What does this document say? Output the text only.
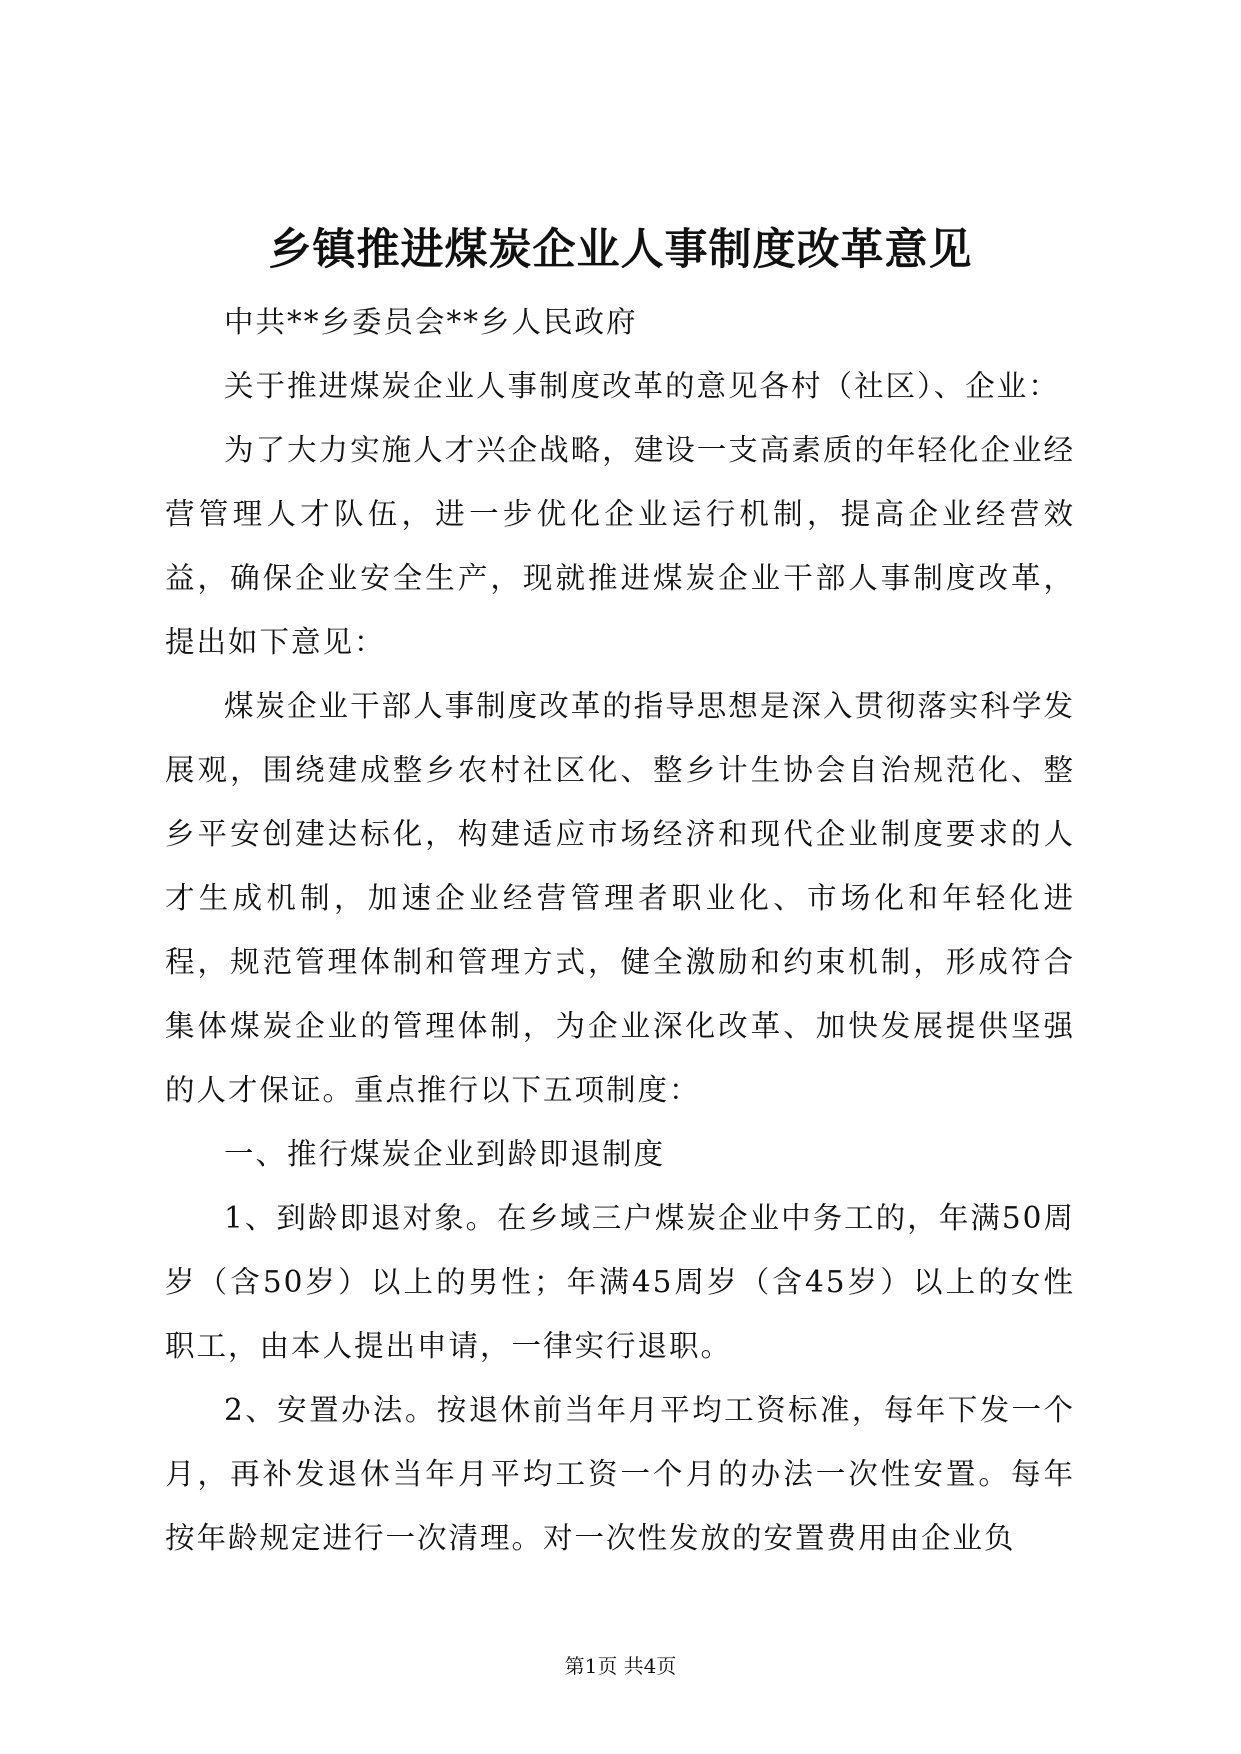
乡镇推进煤炭企业人事制度改革意见

中共**乡委员会**乡人民政府

关于推进煤炭企业人事制度改革的意见各村（社区）、企业：

为了大力实施人才兴企战略，建设一支高素质的年轻化企业经营管理人才队伍，进一步优化企业运行机制，提高企业经营效益，确保企业安全生产，现就推进煤炭企业干部人事制度改革，提出如下意见：

煤炭企业干部人事制度改革的指导思想是深入贯彻落实科学发展观，围绕建成整乡农村社区化、整乡计生协会自治规范化、整乡平安创建达标化，构建适应市场经济和现代企业制度要求的人才生成机制，加速企业经营管理者职业化、市场化和年轻化进程，规范管理体制和管理方式，健全激励和约束机制，形成符合集体煤炭企业的管理体制，为企业深化改革、加快发展提供坚强的人才保证。重点推行以下五项制度：

一、推行煤炭企业到龄即退制度

1、到龄即退对象。在乡域三户煤炭企业中务工的，年满50周岁（含50岁）以上的男性；年满45周岁（含45岁）以上的女性职工，由本人提出申请，一律实行退职。

2、安置办法。按退休前当年月平均工资标准，每年下发一个月，再补发退休当年月平均工资一个月的办法一次性安置。每年按年龄规定进行一次清理。对一次性发放的安置费用由企业负

第1页 共4页
